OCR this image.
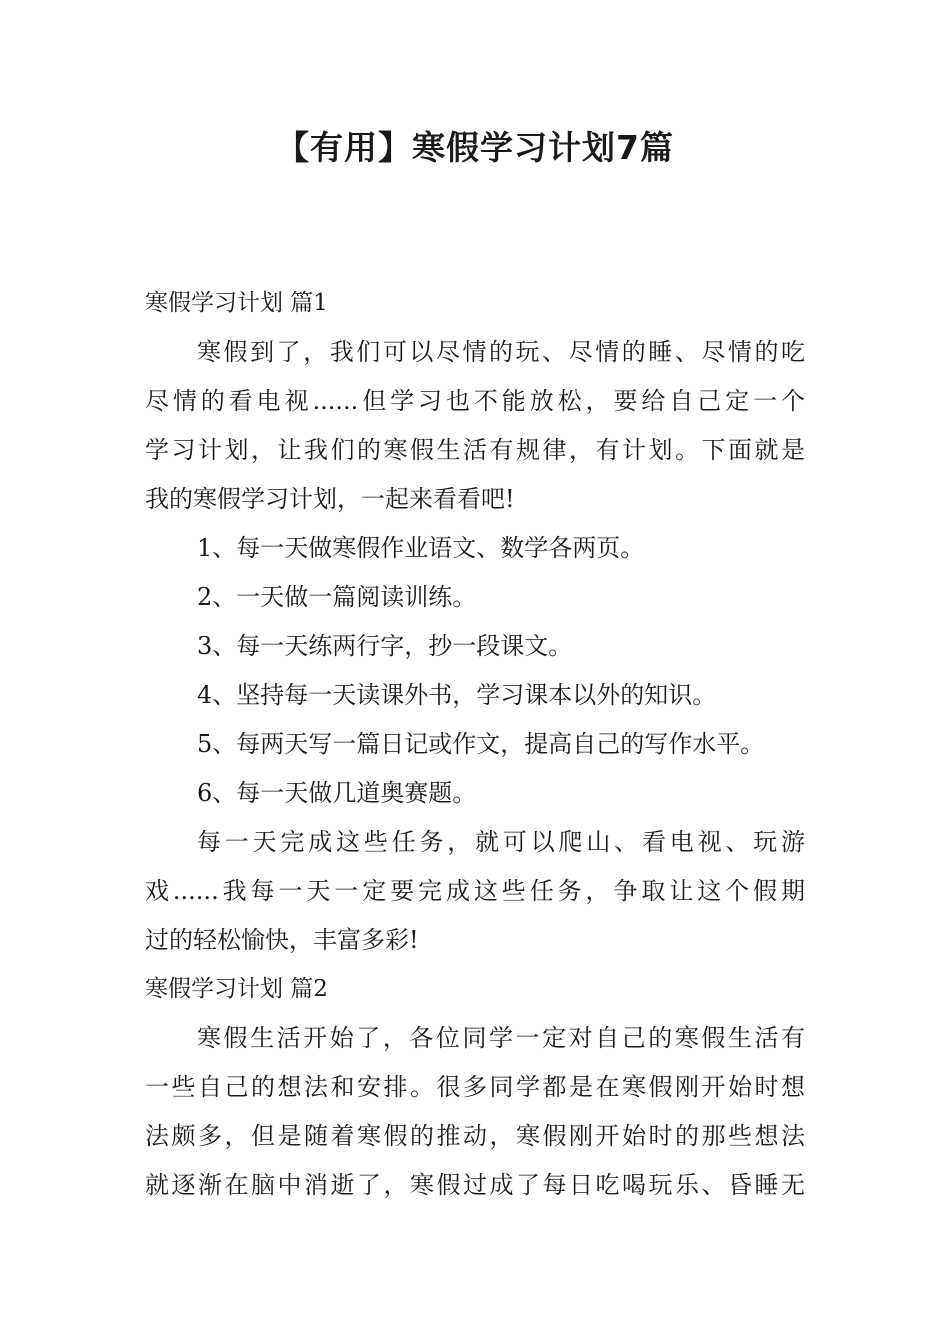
【有用】寒假学习计划7篇

寒假学习计划 篇1

寒假到了，我们可以尽情的玩、尽情的睡、尽情的吃

尽情的看电视......但学习也不能放松，要给自己定一个

学习计划，让我们的寒假生活有规律，有计划。下面就是

我的寒假学习计划，一起来看看吧!

1、每一天做寒假作业语文、数学各两页。

2、一天做一篇阅读训练。

3、每一天练两行字，抄一段课文。

4、坚持每一天读课外书，学习课本以外的知识。

5、每两天写一篇日记或作文，提高自己的写作水平。

6、每一天做几道奥赛题。

每一天完成这些任务，就可以爬山、看电视、玩游

戏......我每一天一定要完成这些任务，争取让这个假期

过的轻松愉快，丰富多彩!

寒假学习计划 篇2

寒假生活开始了，各位同学一定对自己的寒假生活有

一些自己的想法和安排。很多同学都是在寒假刚开始时想

法颇多，但是随着寒假的推动，寒假刚开始时的那些想法

就逐渐在脑中消逝了，寒假过成了每日吃喝玩乐、昏睡无
